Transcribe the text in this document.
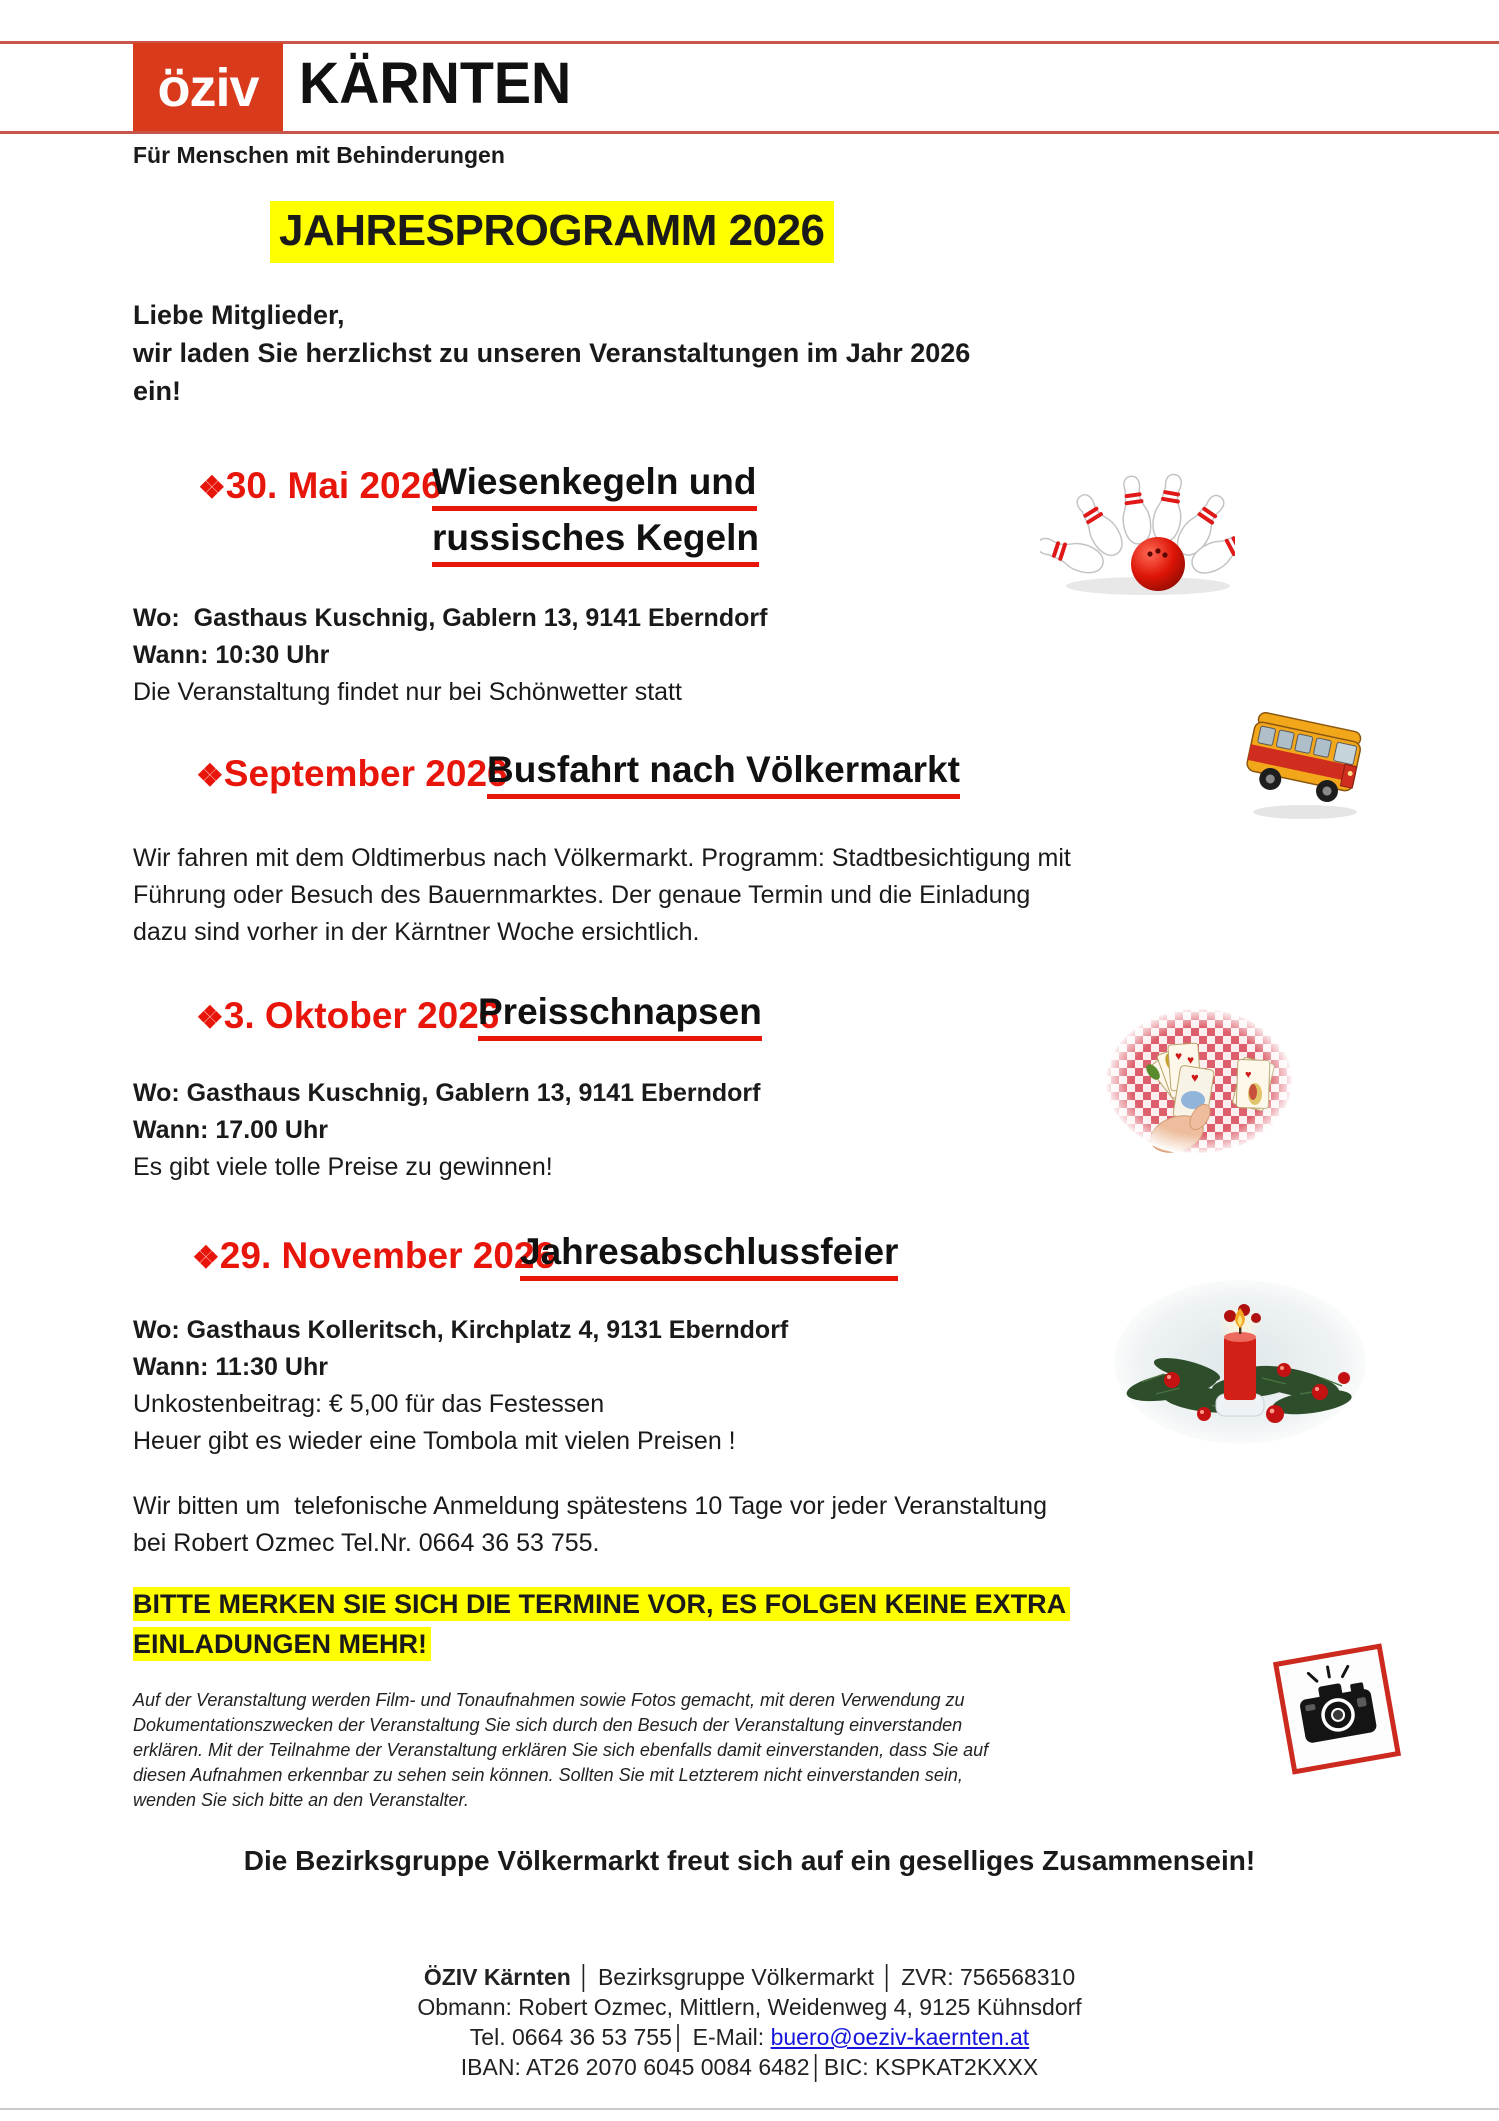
öziv KÄRNTEN
Für Menschen mit Behinderungen
JAHRESPROGRAMM 2026
Liebe Mitglieder,
wir laden Sie herzlichst zu unseren Veranstaltungen im Jahr 2026
ein!
❖30. Mai 2026
Wiesenkegeln und
russisches Kegeln
Wo:  Gasthaus Kuschnig, Gablern 13, 9141 Eberndorf
Wann: 10:30 Uhr
Die Veranstaltung findet nur bei Schönwetter statt
❖September 2026
Busfahrt nach Völkermarkt
Wir fahren mit dem Oldtimerbus nach Völkermarkt. Programm: Stadtbesichtigung mit
Führung oder Besuch des Bauernmarktes. Der genaue Termin und die Einladung
dazu sind vorher in der Kärntner Woche ersichtlich.
❖3. Oktober 2026
Preisschnapsen
Wo: Gasthaus Kuschnig, Gablern 13, 9141 Eberndorf
Wann: 17.00 Uhr
Es gibt viele tolle Preise zu gewinnen!
❖29. November 2026
Jahresabschlussfeier
Wo: Gasthaus Kolleritsch, Kirchplatz 4, 9131 Eberndorf
Wann: 11:30 Uhr
Unkostenbeitrag: € 5,00 für das Festessen
Heuer gibt es wieder eine Tombola mit vielen Preisen !
Wir bitten um  telefonische Anmeldung spätestens 10 Tage vor jeder Veranstaltung
bei Robert Ozmec Tel.Nr. 0664 36 53 755.
BITTE MERKEN SIE SICH DIE TERMINE VOR, ES FOLGEN KEINE EXTRA
EINLADUNGEN MEHR!
Auf der Veranstaltung werden Film- und Tonaufnahmen sowie Fotos gemacht, mit deren Verwendung zu
Dokumentationszwecken der Veranstaltung Sie sich durch den Besuch der Veranstaltung einverstanden
erklären. Mit der Teilnahme der Veranstaltung erklären Sie sich ebenfalls damit einverstanden, dass Sie auf
diesen Aufnahmen erkennbar zu sehen sein können. Sollten Sie mit Letzterem nicht einverstanden sein,
wenden Sie sich bitte an den Veranstalter.
Die Bezirksgruppe Völkermarkt freut sich auf ein geselliges Zusammensein!
ÖZIV Kärnten │ Bezirksgruppe Völkermarkt │ ZVR: 756568310
Obmann: Robert Ozmec, Mittlern, Weidenweg 4, 9125 Kühnsdorf
Tel. 0664 36 53 755│ E-Mail: buero@oeziv-kaernten.at
IBAN: AT26 2070 6045 0084 6482│BIC: KSPKAT2KXXX
